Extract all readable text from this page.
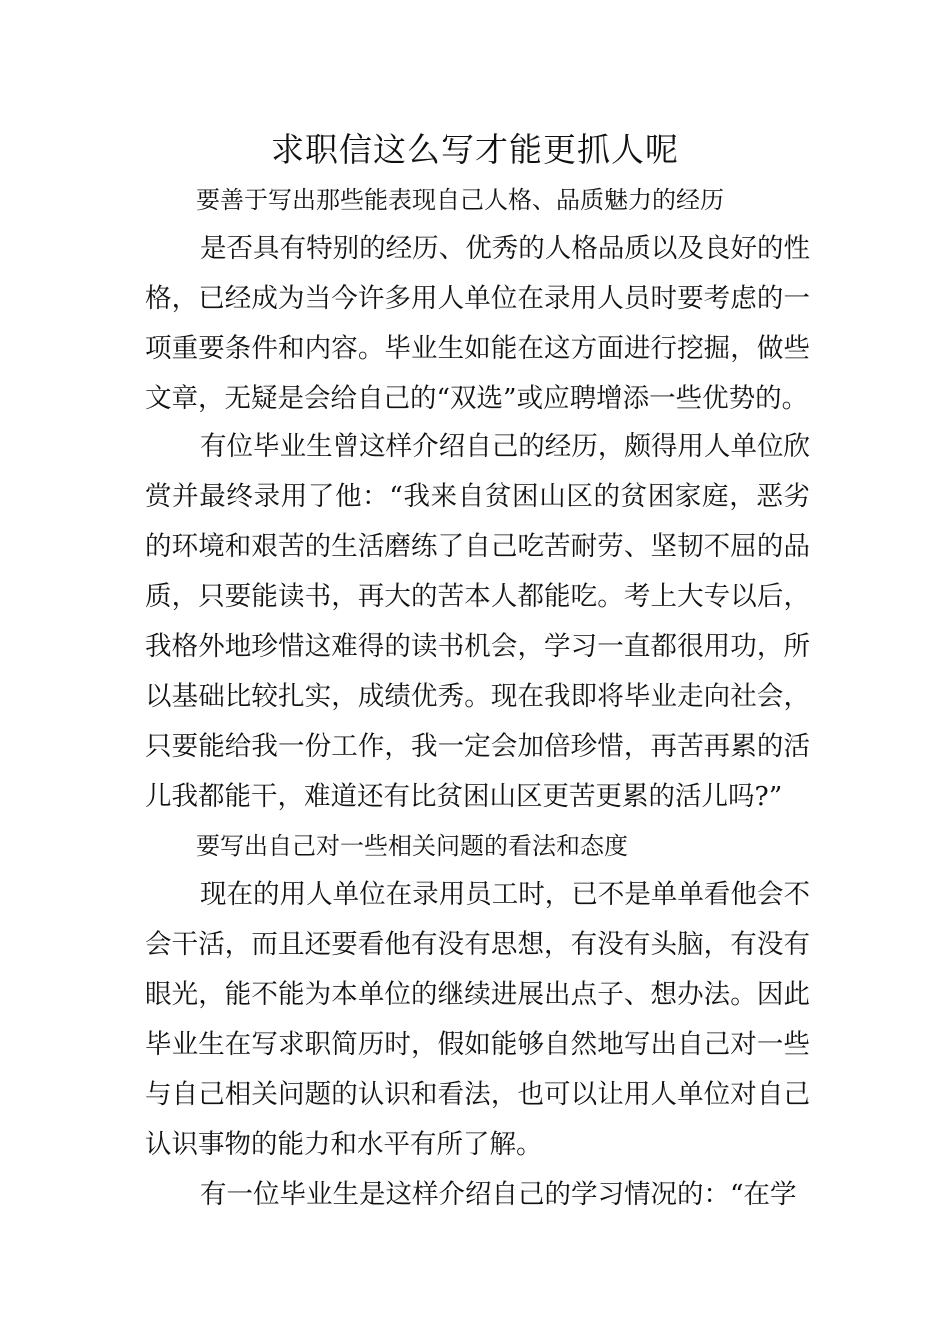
求职信这么写才能更抓人呢

要善于写出那些能表现自己人格、品质魅力的经历

是否具有特别的经历、优秀的人格品质以及良好的性格，已经成为当今许多用人单位在录用人员时要考虑的一项重要条件和内容。毕业生如能在这方面进行挖掘，做些文章，无疑是会给自己的“双选”或应聘增添一些优势的。

有位毕业生曾这样介绍自己的经历，颇得用人单位欣赏并最终录用了他：“我来自贫困山区的贫困家庭，恶劣的环境和艰苦的生活磨练了自己吃苦耐劳、坚韧不屈的品质，只要能读书，再大的苦本人都能吃。考上大专以后，我格外地珍惜这难得的读书机会，学习一直都很用功，所以基础比较扎实，成绩优秀。现在我即将毕业走向社会，只要能给我一份工作，我一定会加倍珍惜，再苦再累的活儿我都能干，难道还有比贫困山区更苦更累的活儿吗?”

要写出自己对一些相关问题的看法和态度

现在的用人单位在录用员工时，已不是单单看他会不会干活，而且还要看他有没有思想，有没有头脑，有没有眼光，能不能为本单位的继续进展出点子、想办法。因此毕业生在写求职简历时，假如能够自然地写出自己对一些与自己相关问题的认识和看法，也可以让用人单位对自己认识事物的能力和水平有所了解。

有一位毕业生是这样介绍自己的学习情况的：“在学
